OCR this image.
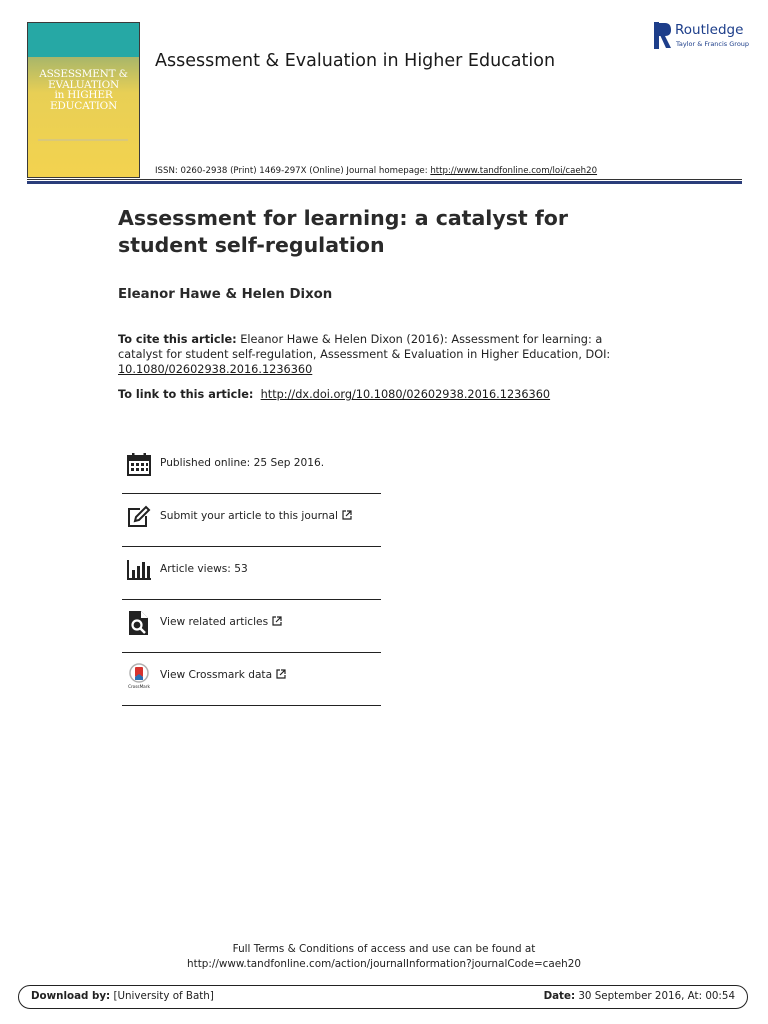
ASSESSMENT &
EVALUATION
in HIGHER
EDUCATION
Assessment & Evaluation in Higher Education
Routledge
Taylor & Francis Group
ISSN: 0260-2938 (Print) 1469-297X (Online) Journal homepage: http://www.tandfonline.com/loi/caeh20
Assessment for learning: a catalyst for student self-regulation
Eleanor Hawe & Helen Dixon
To cite this article: Eleanor Hawe & Helen Dixon (2016): Assessment for learning: a catalyst for student self-regulation, Assessment & Evaluation in Higher Education, DOI: 10.1080/02602938.2016.1236360
To link to this article: http://dx.doi.org/10.1080/02602938.2016.1236360
Published online: 25 Sep 2016.
Submit your article to this journal
Article views: 53
View related articles
CrossMark
View Crossmark data
Full Terms & Conditions of access and use can be found at
http://www.tandfonline.com/action/journalInformation?journalCode=caeh20
Download by: [University of Bath]	Date: 30 September 2016, At: 00:54
